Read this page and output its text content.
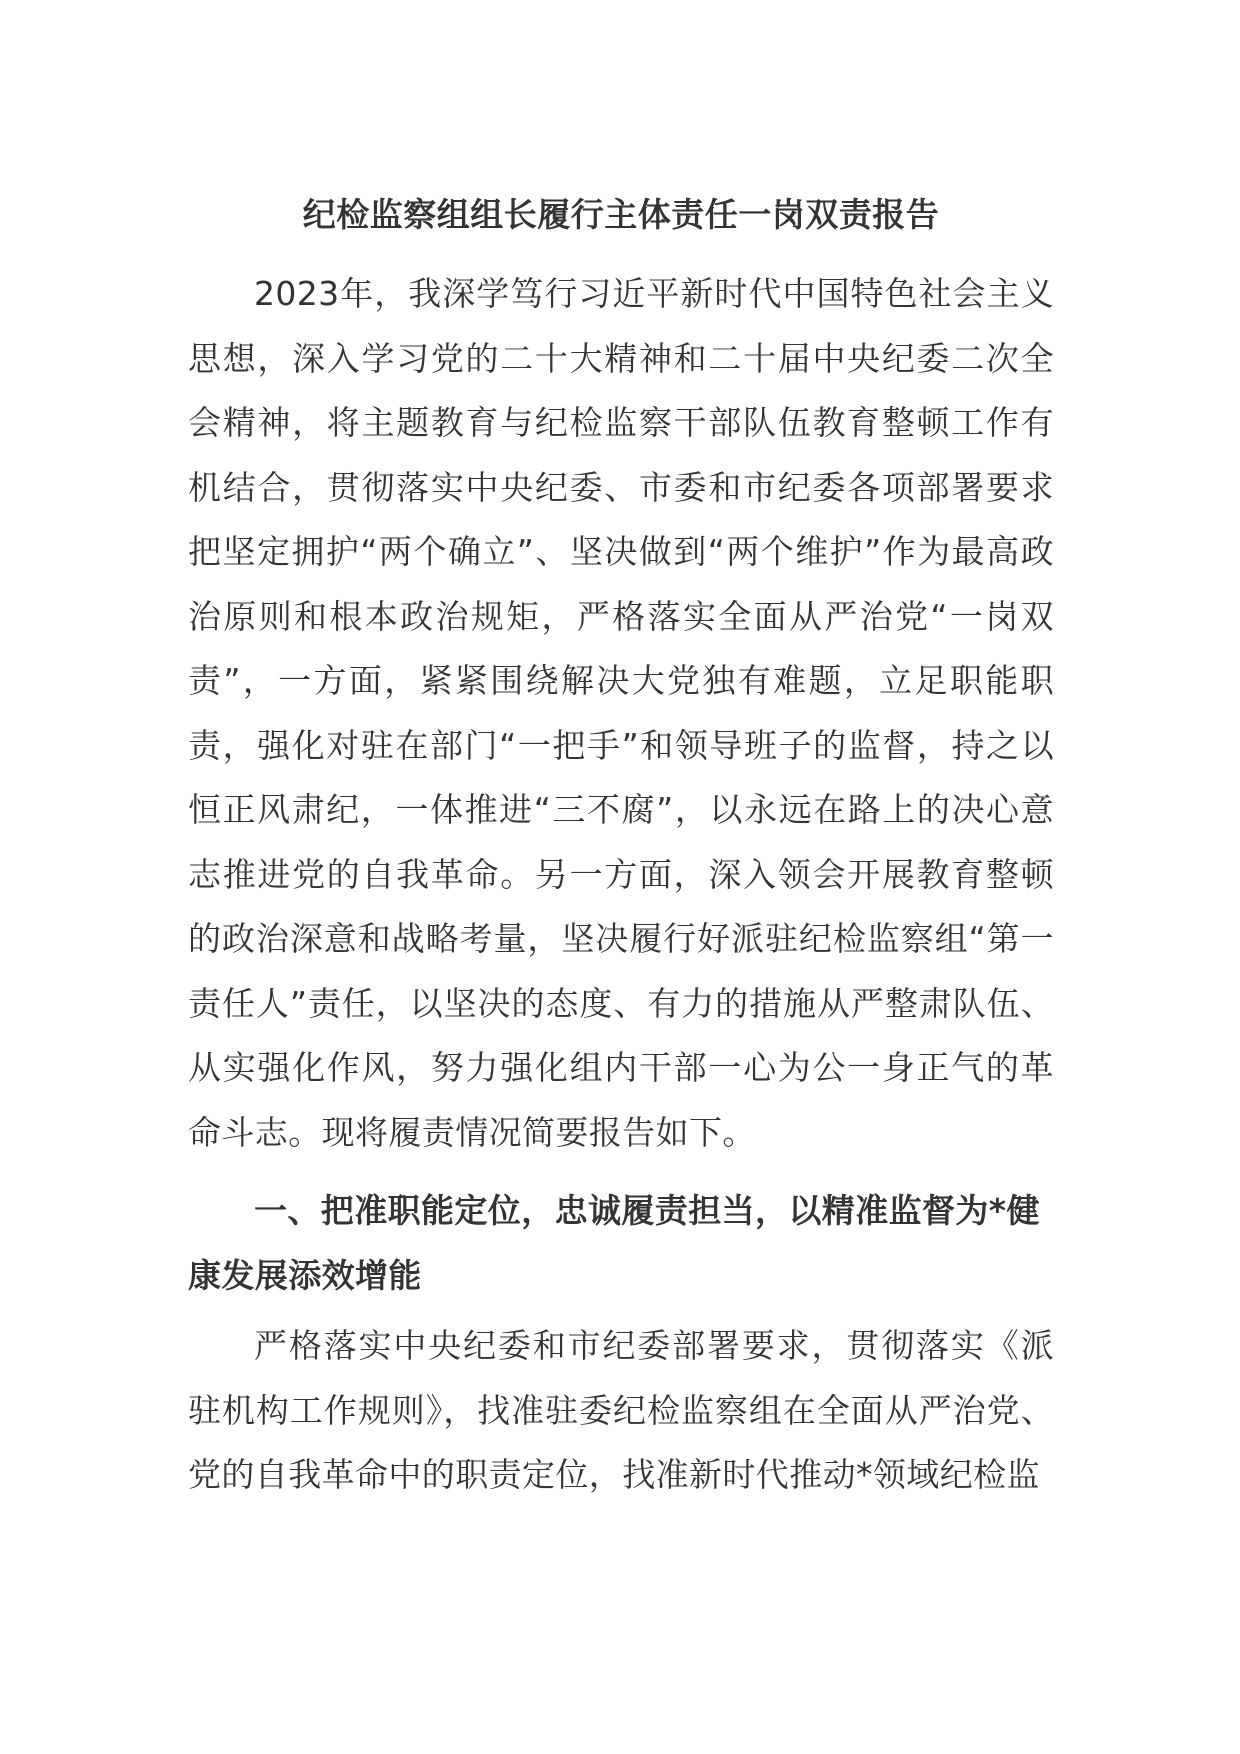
纪检监察组组长履行主体责任一岗双责报告

2023年，我深学笃行习近平新时代中国特色社会主义思想，深入学习党的二十大精神和二十届中央纪委二次全会精神，将主题教育与纪检监察干部队伍教育整顿工作有机结合，贯彻落实中央纪委、市委和市纪委各项部署要求把坚定拥护“两个确立”、坚决做到“两个维护”作为最高政治原则和根本政治规矩，严格落实全面从严治党“一岗双责”，一方面，紧紧围绕解决大党独有难题，立足职能职责，强化对驻在部门“一把手”和领导班子的监督，持之以恒正风肃纪，一体推进“三不腐”，以永远在路上的决心意志推进党的自我革命。另一方面，深入领会开展教育整顿的政治深意和战略考量，坚决履行好派驻纪检监察组“第一责任人”责任，以坚决的态度、有力的措施从严整肃队伍、从实强化作风，努力强化组内干部一心为公一身正气的革命斗志。现将履责情况简要报告如下。

一、把准职能定位，忠诚履责担当，以精准监督为*健康发展添效增能

严格落实中央纪委和市纪委部署要求，贯彻落实《派驻机构工作规则》，找准驻委纪检监察组在全面从严治党、党的自我革命中的职责定位，找准新时代推动*领域纪检监
